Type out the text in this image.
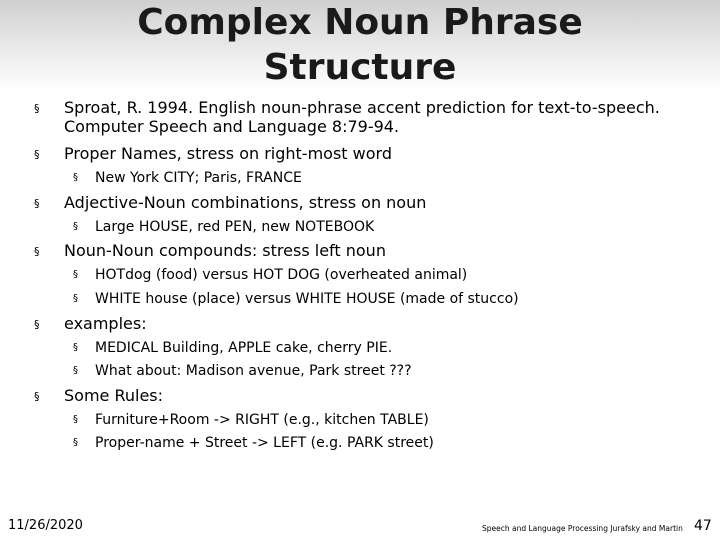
Complex Noun Phrase
Structure
§ Sproat, R. 1994. English noun-phrase accent prediction for text-to-speech. Computer Speech and Language 8:79-94.
§ Proper Names, stress on right-most word
§ New York CITY; Paris, FRANCE
§ Adjective-Noun combinations, stress on noun
§ Large HOUSE, red PEN, new NOTEBOOK
§ Noun-Noun compounds: stress left noun
§ HOTdog (food) versus HOT DOG (overheated animal)
§ WHITE house (place) versus WHITE HOUSE (made of stucco)
§ examples:
§ MEDICAL Building, APPLE cake, cherry PIE.
§ What about: Madison avenue, Park street ???
§ Some Rules:
§ Furniture+Room -> RIGHT (e.g., kitchen TABLE)
§ Proper-name + Street -> LEFT (e.g. PARK street)
11/26/2020	Speech and Language Processing Jurafsky and Martin 47
